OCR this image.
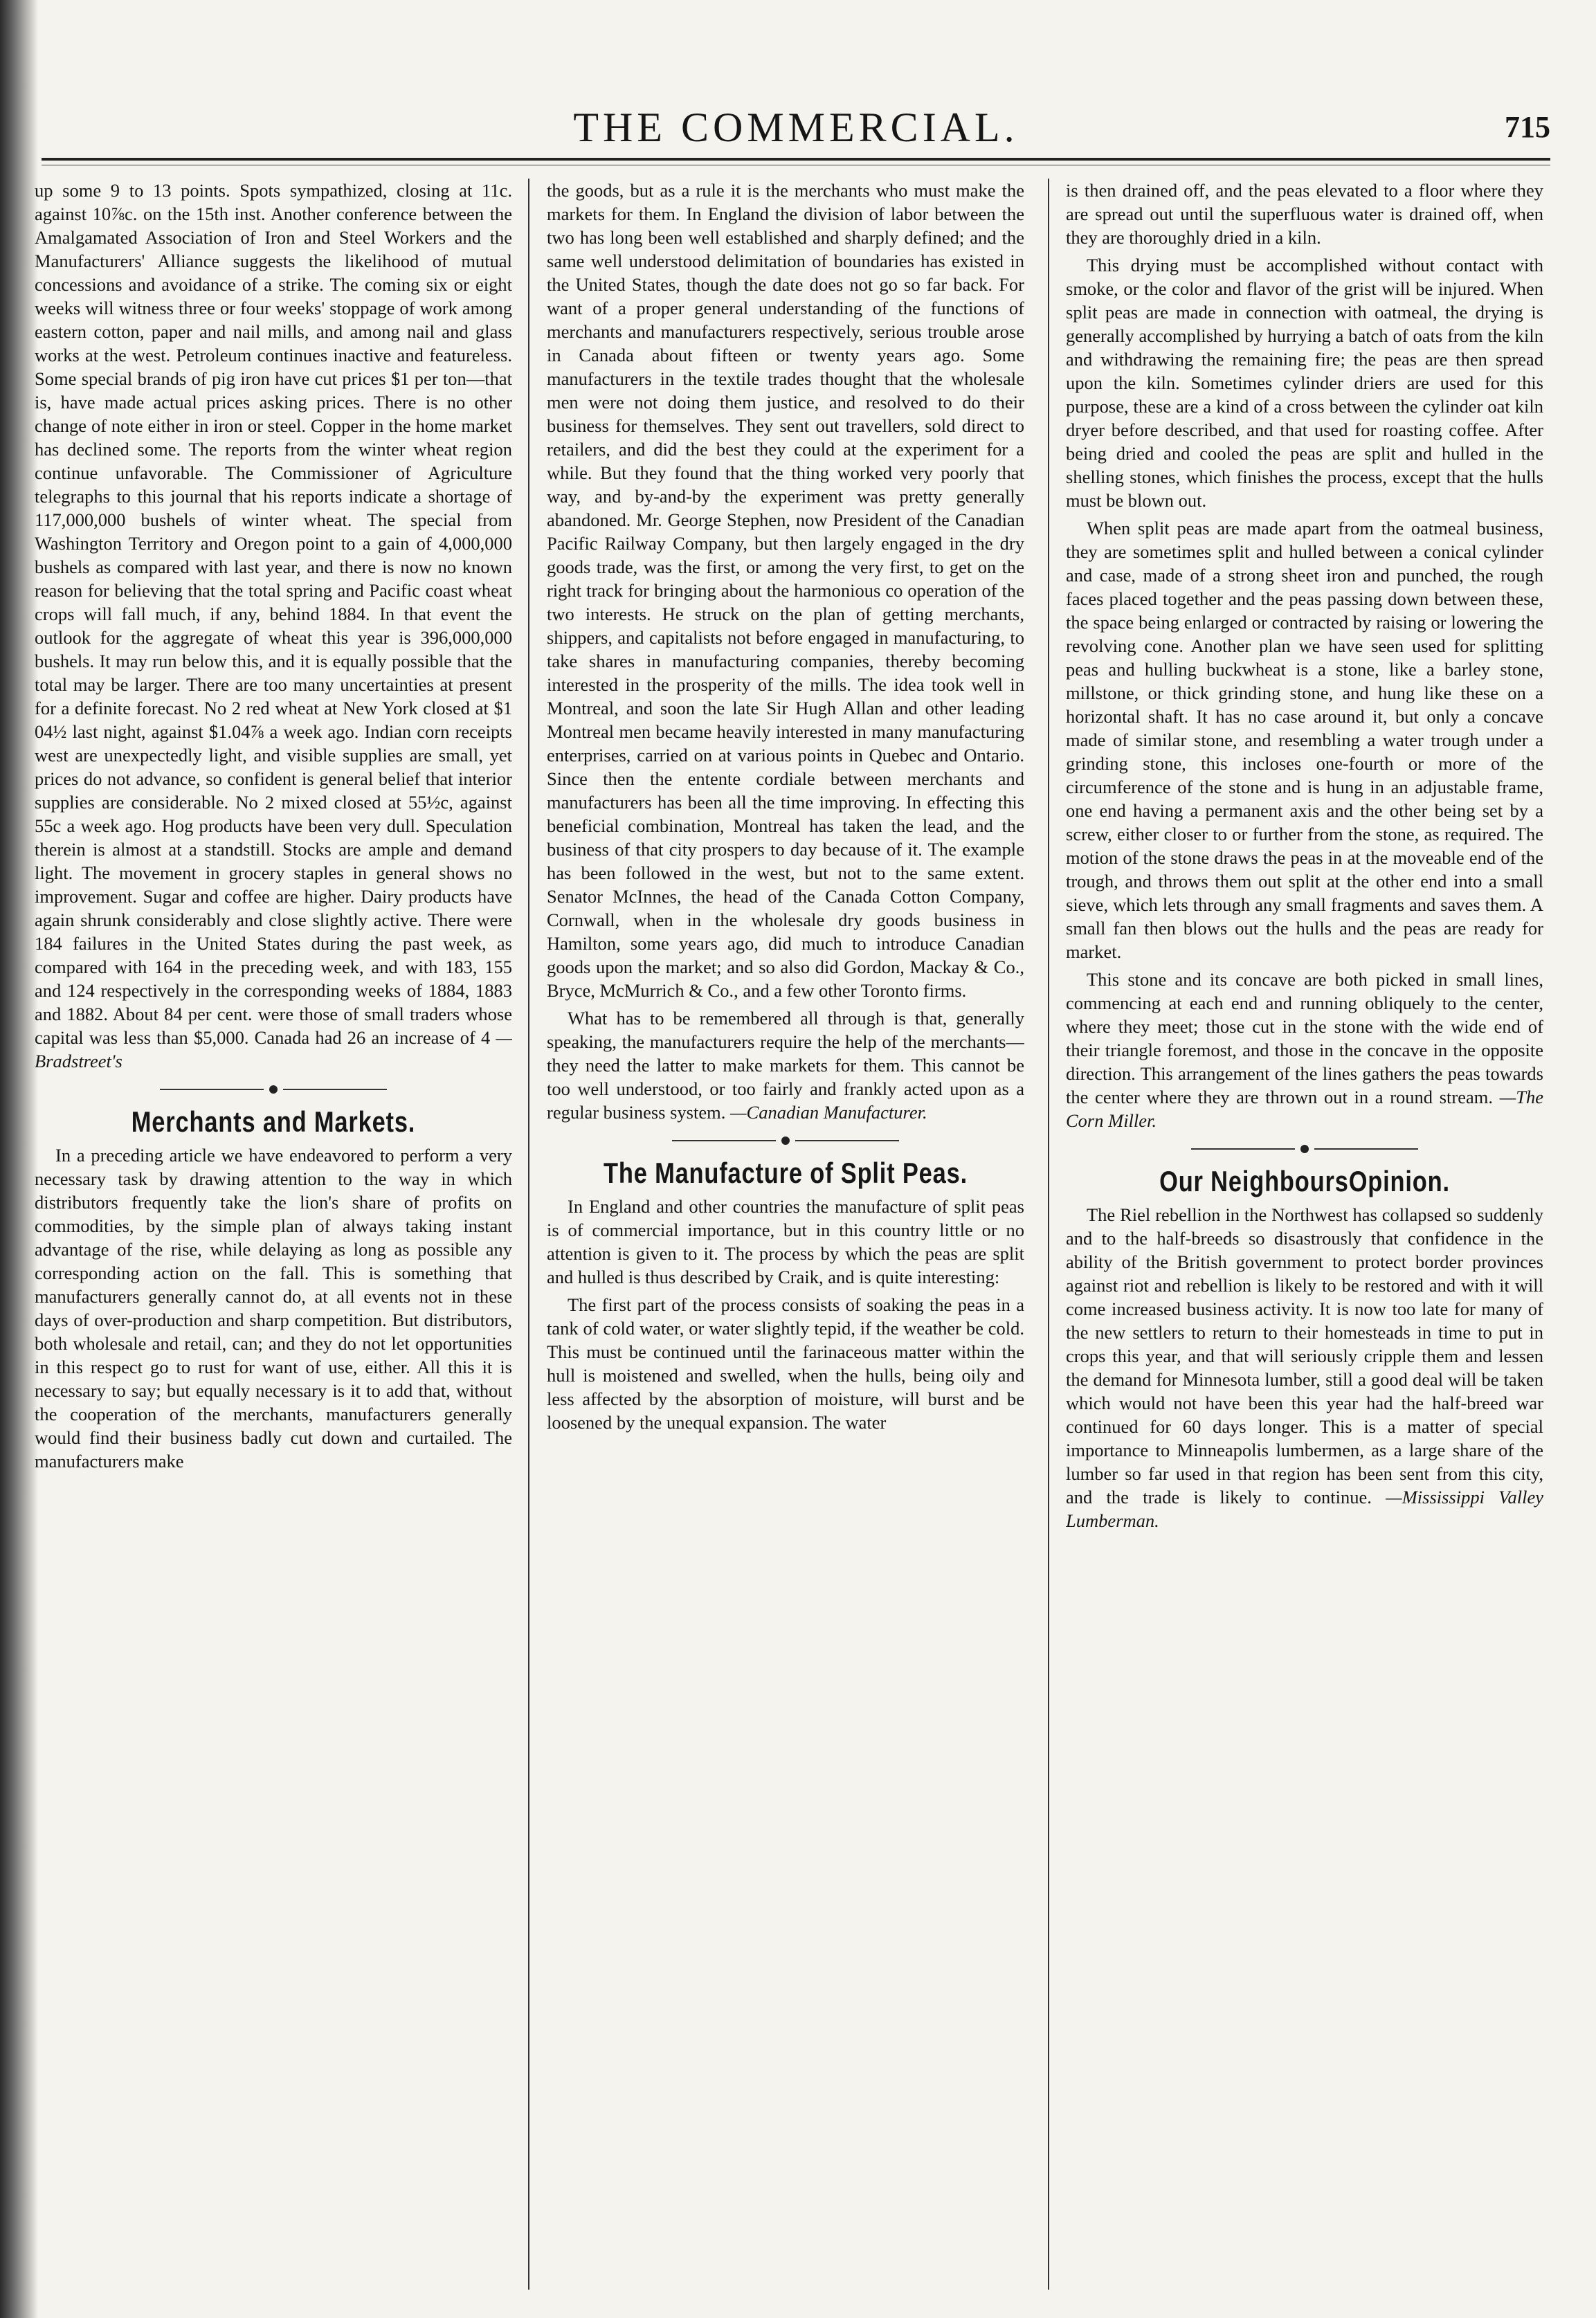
THE COMMERCIAL.	715

up some 9 to 13 points. Spots sympathized, closing at 11c. against 10⅞c. on the 15th inst. Another conference between the Amalgamated Association of Iron and Steel Workers and the Manufacturers' Alliance suggests the likelihood of mutual concessions and avoidance of a strike. The coming six or eight weeks will witness three or four weeks' stoppage of work among eastern cotton, paper and nail mills, and among nail and glass works at the west. Petroleum continues inactive and featureless. Some special brands of pig iron have cut prices $1 per ton—that is, have made actual prices asking prices. There is no other change of note either in iron or steel. Copper in the home market has declined some. The reports from the winter wheat region continue unfavorable. The Commissioner of Agriculture telegraphs to this journal that his reports indicate a shortage of 117,000,000 bushels of winter wheat. The special from Washington Territory and Oregon point to a gain of 4,000,000 bushels as compared with last year, and there is now no known reason for believing that the total spring and Pacific coast wheat crops will fall much, if any, behind 1884. In that event the outlook for the aggregate of wheat this year is 396,000,000 bushels. It may run below this, and it is equally possible that the total may be larger. There are too many uncertainties at present for a definite forecast. No 2 red wheat at New York closed at $1 04½ last night, against $1.04⅞ a week ago. Indian corn receipts west are unexpectedly light, and visible supplies are small, yet prices do not advance, so confident is general belief that interior supplies are considerable. No 2 mixed closed at 55½c, against 55c a week ago. Hog products have been very dull. Speculation therein is almost at a standstill. Stocks are ample and demand light. The movement in grocery staples in general shows no improvement. Sugar and coffee are higher. Dairy products have again shrunk considerably and close slightly active. There were 184 failures in the United States during the past week, as compared with 164 in the preceding week, and with 183, 155 and 124 respectively in the corresponding weeks of 1884, 1883 and 1882. About 84 per cent. were those of small traders whose capital was less than $5,000. Canada had 26 an increase of 4 —Bradstreet's

Merchants and Markets.

In a preceding article we have endeavored to perform a very necessary task by drawing attention to the way in which distributors frequently take the lion's share of profits on commodities, by the simple plan of always taking instant advantage of the rise, while delaying as long as possible any corresponding action on the fall. This is something that manufacturers generally cannot do, at all events not in these days of over-production and sharp competition. But distributors, both wholesale and retail, can; and they do not let opportunities in this respect go to rust for want of use, either. All this it is necessary to say; but equally necessary is it to add that, without the cooperation of the merchants, manufacturers generally would find their business badly cut down and curtailed. The manufacturers make

the goods, but as a rule it is the merchants who must make the markets for them. In England the division of labor between the two has long been well established and sharply defined; and the same well understood delimitation of boundaries has existed in the United States, though the date does not go so far back. For want of a proper general understanding of the functions of merchants and manufacturers respectively, serious trouble arose in Canada about fifteen or twenty years ago. Some manufacturers in the textile trades thought that the wholesale men were not doing them justice, and resolved to do their business for themselves. They sent out travellers, sold direct to retailers, and did the best they could at the experiment for a while. But they found that the thing worked very poorly that way, and by-and-by the experiment was pretty generally abandoned. Mr. George Stephen, now President of the Canadian Pacific Railway Company, but then largely engaged in the dry goods trade, was the first, or among the very first, to get on the right track for bringing about the harmonious co operation of the two interests. He struck on the plan of getting merchants, shippers, and capitalists not before engaged in manufacturing, to take shares in manufacturing companies, thereby becoming interested in the prosperity of the mills. The idea took well in Montreal, and soon the late Sir Hugh Allan and other leading Montreal men became heavily interested in many manufacturing enterprises, carried on at various points in Quebec and Ontario. Since then the entente cordiale between merchants and manufacturers has been all the time improving. In effecting this beneficial combination, Montreal has taken the lead, and the business of that city prospers to day because of it. The example has been followed in the west, but not to the same extent. Senator McInnes, the head of the Canada Cotton Company, Cornwall, when in the wholesale dry goods business in Hamilton, some years ago, did much to introduce Canadian goods upon the market; and so also did Gordon, Mackay & Co., Bryce, McMurrich & Co., and a few other Toronto firms.

What has to be remembered all through is that, generally speaking, the manufacturers require the help of the merchants—they need the latter to make markets for them. This cannot be too well understood, or too fairly and frankly acted upon as a regular business system. —Canadian Manufacturer.

The Manufacture of Split Peas.

In England and other countries the manufacture of split peas is of commercial importance, but in this country little or no attention is given to it. The process by which the peas are split and hulled is thus described by Craik, and is quite interesting:

The first part of the process consists of soaking the peas in a tank of cold water, or water slightly tepid, if the weather be cold. This must be continued until the farinaceous matter within the hull is moistened and swelled, when the hulls, being oily and less affected by the absorption of moisture, will burst and be loosened by the unequal expansion. The water

is then drained off, and the peas elevated to a floor where they are spread out until the superfluous water is drained off, when they are thoroughly dried in a kiln.

This drying must be accomplished without contact with smoke, or the color and flavor of the grist will be injured. When split peas are made in connection with oatmeal, the drying is generally accomplished by hurrying a batch of oats from the kiln and withdrawing the remaining fire; the peas are then spread upon the kiln. Sometimes cylinder driers are used for this purpose, these are a kind of a cross between the cylinder oat kiln dryer before described, and that used for roasting coffee. After being dried and cooled the peas are split and hulled in the shelling stones, which finishes the process, except that the hulls must be blown out.

When split peas are made apart from the oatmeal business, they are sometimes split and hulled between a conical cylinder and case, made of a strong sheet iron and punched, the rough faces placed together and the peas passing down between these, the space being enlarged or contracted by raising or lowering the revolving cone. Another plan we have seen used for splitting peas and hulling buckwheat is a stone, like a barley stone, millstone, or thick grinding stone, and hung like these on a horizontal shaft. It has no case around it, but only a concave made of similar stone, and resembling a water trough under a grinding stone, this incloses one-fourth or more of the circumference of the stone and is hung in an adjustable frame, one end having a permanent axis and the other being set by a screw, either closer to or further from the stone, as required. The motion of the stone draws the peas in at the moveable end of the trough, and throws them out split at the other end into a small sieve, which lets through any small fragments and saves them. A small fan then blows out the hulls and the peas are ready for market.

This stone and its concave are both picked in small lines, commencing at each end and running obliquely to the center, where they meet; those cut in the stone with the wide end of their triangle foremost, and those in the concave in the opposite direction. This arrangement of the lines gathers the peas towards the center where they are thrown out in a round stream. —The Corn Miller.

Our NeighboursOpinion.

The Riel rebellion in the Northwest has collapsed so suddenly and to the half-breeds so disastrously that confidence in the ability of the British government to protect border provinces against riot and rebellion is likely to be restored and with it will come increased business activity. It is now too late for many of the new settlers to return to their homesteads in time to put in crops this year, and that will seriously cripple them and lessen the demand for Minnesota lumber, still a good deal will be taken which would not have been this year had the half-breed war continued for 60 days longer. This is a matter of special importance to Minneapolis lumbermen, as a large share of the lumber so far used in that region has been sent from this city, and the trade is likely to continue. —Mississippi Valley Lumberman.
